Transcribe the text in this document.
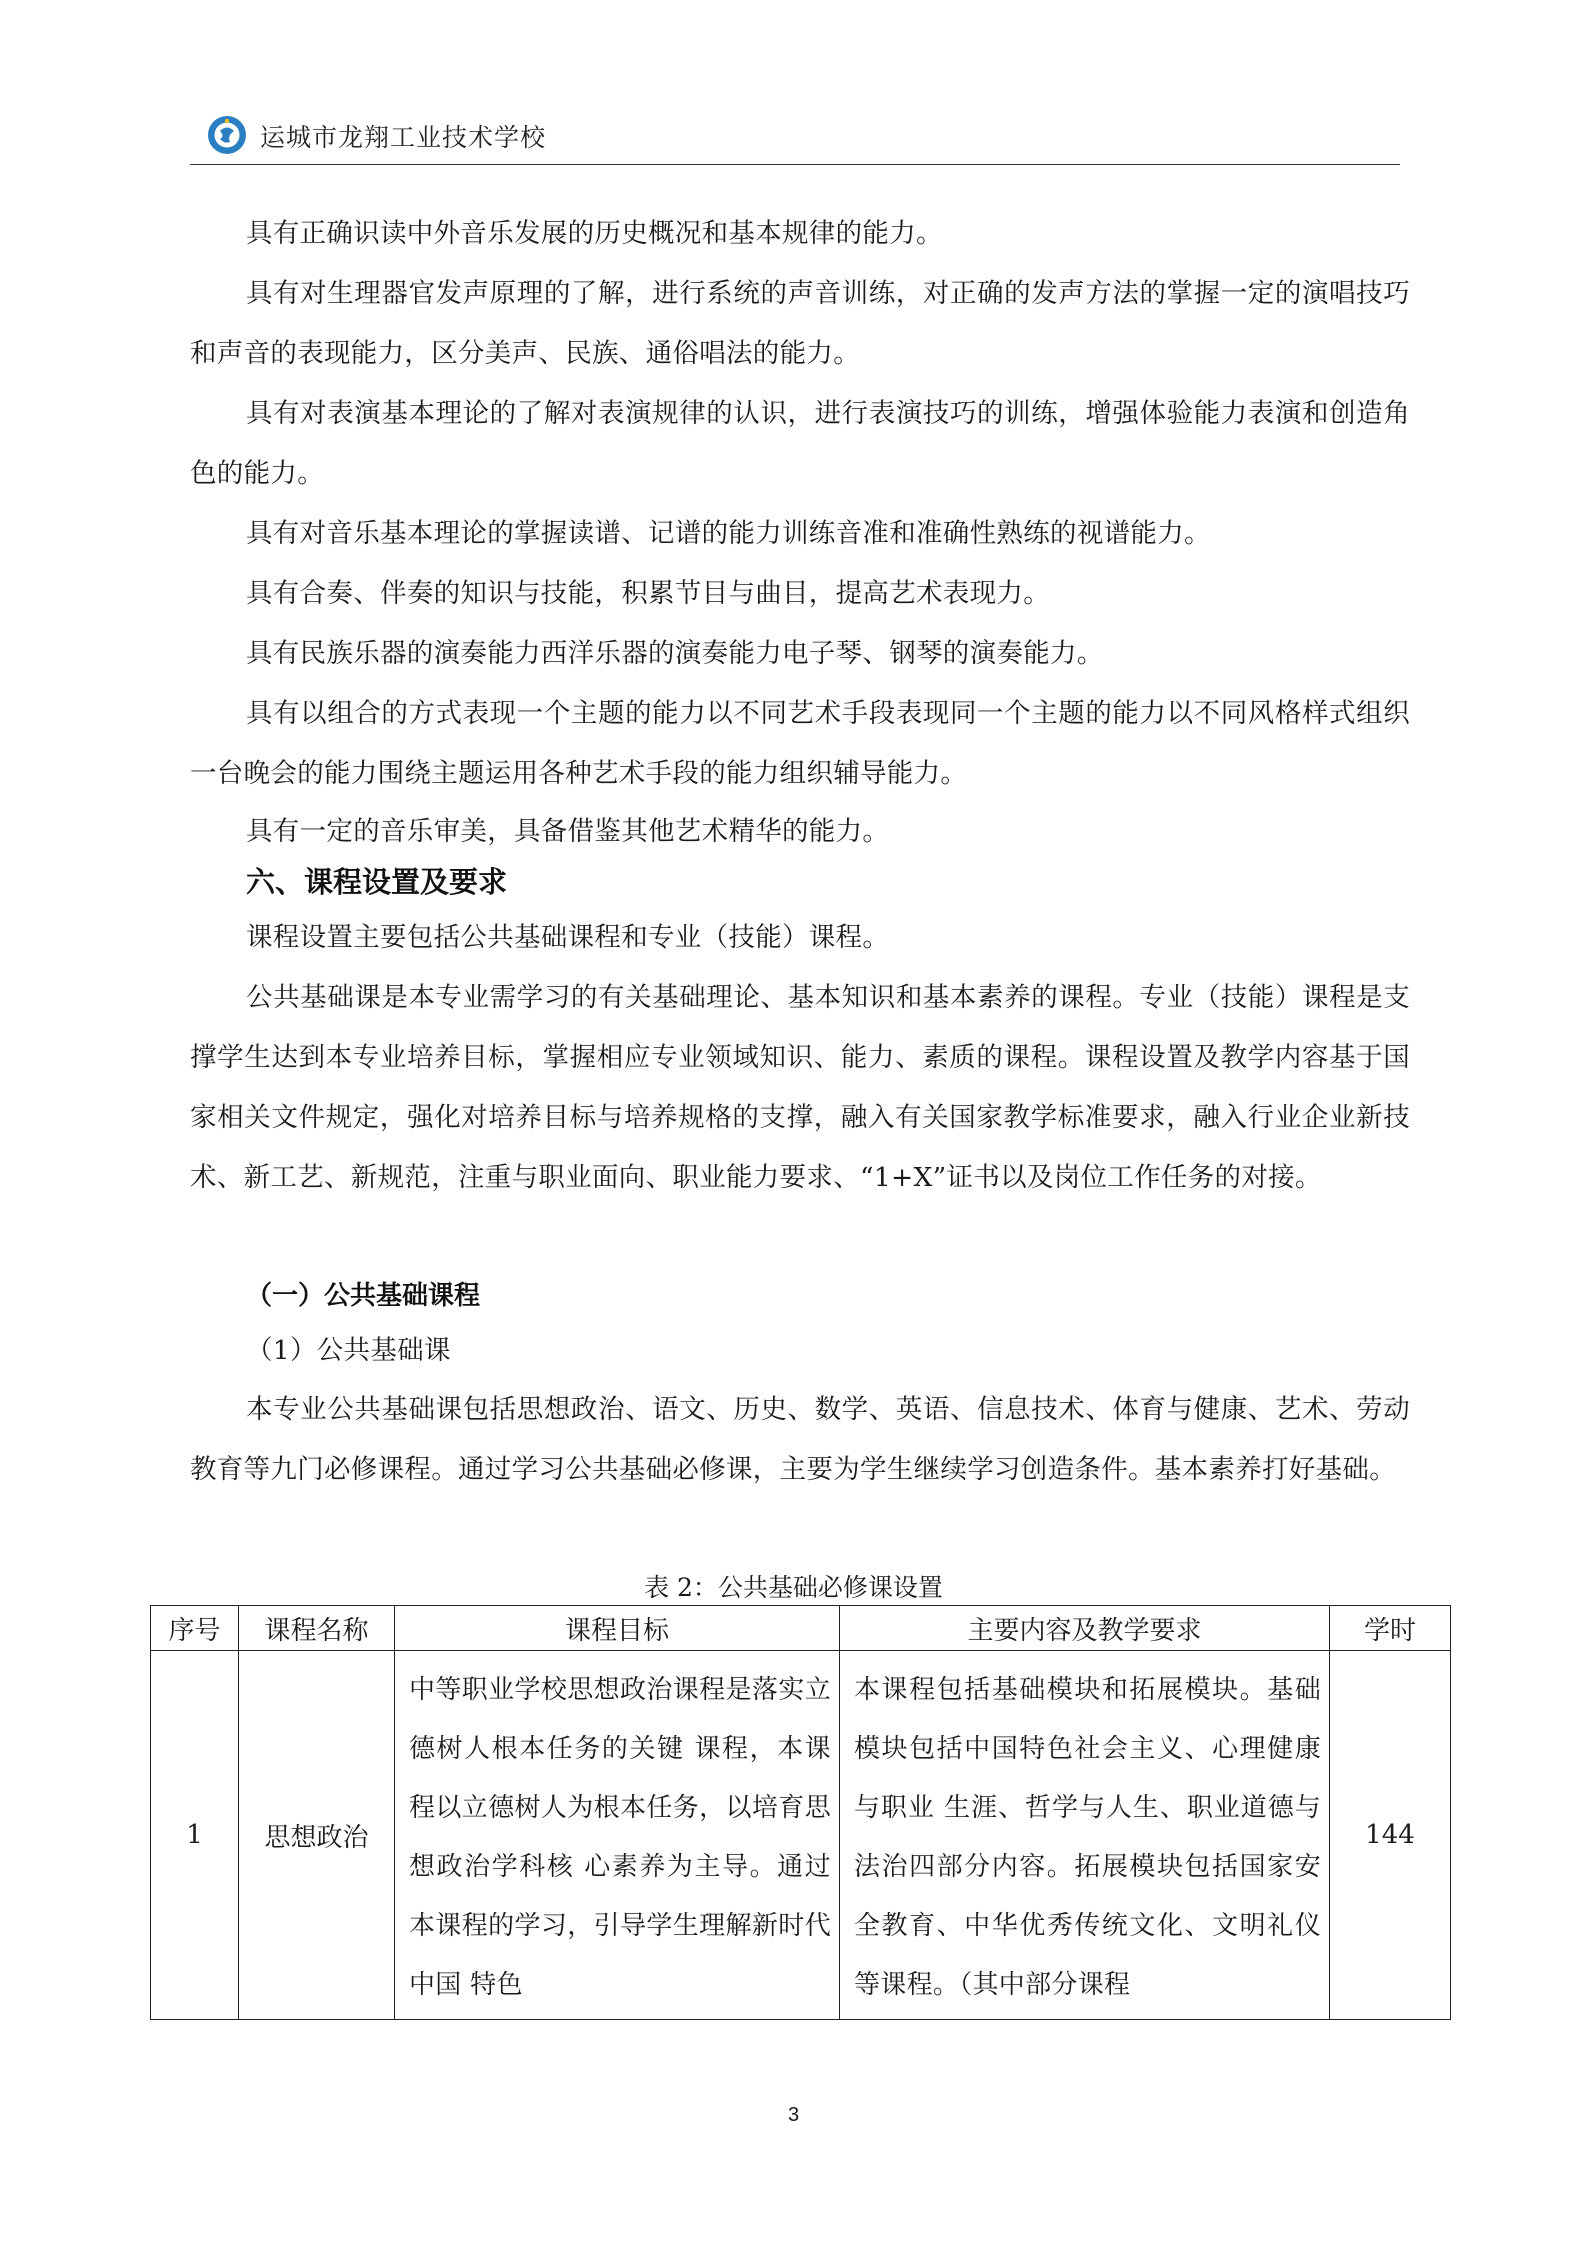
运城市龙翔工业技术学校

具有正确识读中外音乐发展的历史概况和基本规律的能力。

具有对生理器官发声原理的了解，进行系统的声音训练，对正确的发声方法的掌握一定的演唱技巧和声音的表现能力，区分美声、民族、通俗唱法的能力。

具有对表演基本理论的了解对表演规律的认识，进行表演技巧的训练，增强体验能力表演和创造角色的能力。

具有对音乐基本理论的掌握读谱、记谱的能力训练音准和准确性熟练的视谱能力。

具有合奏、伴奏的知识与技能，积累节目与曲目，提高艺术表现力。

具有民族乐器的演奏能力西洋乐器的演奏能力电子琴、钢琴的演奏能力。

具有以组合的方式表现一个主题的能力以不同艺术手段表现同一个主题的能力以不同风格样式组织一台晚会的能力围绕主题运用各种艺术手段的能力组织辅导能力。

具有一定的音乐审美，具备借鉴其他艺术精华的能力。

六、课程设置及要求

课程设置主要包括公共基础课程和专业（技能）课程。

公共基础课是本专业需学习的有关基础理论、基本知识和基本素养的课程。专业（技能）课程是支撑学生达到本专业培养目标，掌握相应专业领域知识、能力、素质的课程。课程设置及教学内容基于国家相关文件规定，强化对培养目标与培养规格的支撑，融入有关国家教学标准要求，融入行业企业新技术、新工艺、新规范，注重与职业面向、职业能力要求、“1+X”证书以及岗位工作任务的对接。

（一）公共基础课程

（1）公共基础课

本专业公共基础课包括思想政治、语文、历史、数学、英语、信息技术、体育与健康、艺术、劳动教育等九门必修课程。通过学习公共基础必修课，主要为学生继续学习创造条件。基本素养打好基础。

表 2：公共基础必修课设置
序号	课程名称	课程目标	主要内容及教学要求	学时
1	思想政治	中等职业学校思想政治课程是落实立德树人根本任务的关键 课程，本课程以立德树人为根本任务，以培育思想政治学科核 心素养为主导。通过本课程的学习，引导学生理解新时代中国 特色	本课程包括基础模块和拓展模块。基础模块包括中国特色社会主义、心理健康与职业 生涯、哲学与人生、职业道德与法治四部分内容。拓展模块包括国家安全教育、中华优秀传统文化、文明礼仪等课程。（其中部分课程	144
3
